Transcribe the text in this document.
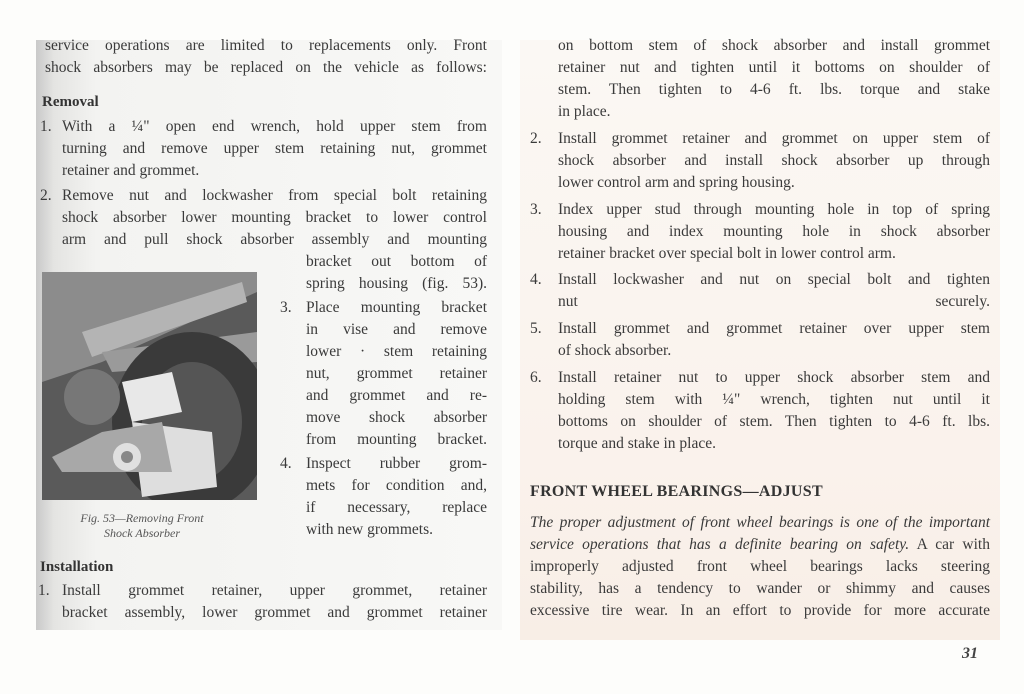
service operations are limited to replacements only. Front
shock absorbers may be replaced on the vehicle as follows:
Removal
1. With a ¼" open end wrench, hold upper stem from
turning and remove upper stem retaining nut, grommet
retainer and grommet.
2. Remove nut and lockwasher from special bolt retaining
shock absorber lower mounting bracket to lower control
arm and pull shock absorber assembly and mounting
bracket out bottom of
spring housing (fig. 53).
3. Place mounting bracket
in vise and remove
lower · stem retaining
nut, grommet retainer
and grommet and re-
move shock absorber
from mounting bracket.
4. Inspect rubber grom-
mets for condition and,
if necessary, replace
with new grommets.
Fig. 53—Removing Front
Shock Absorber
Installation
1. Install grommet retainer, upper grommet, retainer
bracket assembly, lower grommet and grommet retainer
on bottom stem of shock absorber and install grommet
retainer nut and tighten until it bottoms on shoulder of
stem. Then tighten to 4-6 ft. lbs. torque and stake
in place.
2. Install grommet retainer and grommet on upper stem of
shock absorber and install shock absorber up through
lower control arm and spring housing.
3. Index upper stud through mounting hole in top of spring
housing and index mounting hole in shock absorber
retainer bracket over special bolt in lower control arm.
4. Install lockwasher and nut on special bolt and tighten
nut securely.
5. Install grommet and grommet retainer over upper stem
of shock absorber.
6. Install retainer nut to upper shock absorber stem and
holding stem with ¼" wrench, tighten nut until it
bottoms on shoulder of stem. Then tighten to 4-6 ft. lbs.
torque and stake in place.
FRONT WHEEL BEARINGS—ADJUST
The proper adjustment of front wheel bearings is one of the important
service operations that has a definite bearing on safety. A car with
improperly adjusted front wheel bearings lacks steering
stability, has a tendency to wander or shimmy and causes
excessive tire wear. In an effort to provide for more accurate
31
